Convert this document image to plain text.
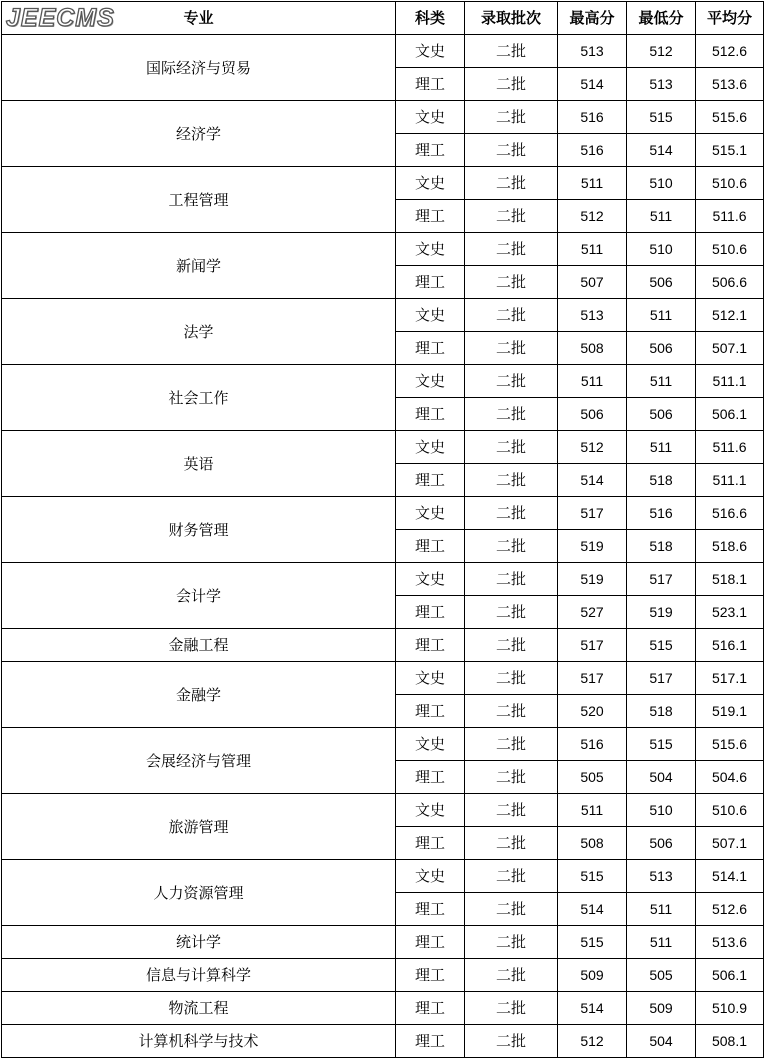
JEECMS 专业	科类	录取批次	最高分	最低分	平均分
国际经济与贸易	文史	二批	513	512	512.6
	理工	二批	514	513	513.6
经济学	文史	二批	516	515	515.6
	理工	二批	516	514	515.1
工程管理	文史	二批	511	510	510.6
	理工	二批	512	511	511.6
新闻学	文史	二批	511	510	510.6
	理工	二批	507	506	506.6
法学	文史	二批	513	511	512.1
	理工	二批	508	506	507.1
社会工作	文史	二批	511	511	511.1
	理工	二批	506	506	506.1
英语	文史	二批	512	511	511.6
	理工	二批	514	518	511.1
财务管理	文史	二批	517	516	516.6
	理工	二批	519	518	518.6
会计学	文史	二批	519	517	518.1
	理工	二批	527	519	523.1
金融工程	理工	二批	517	515	516.1
金融学	文史	二批	517	517	517.1
	理工	二批	520	518	519.1
会展经济与管理	文史	二批	516	515	515.6
	理工	二批	505	504	504.6
旅游管理	文史	二批	511	510	510.6
	理工	二批	508	506	507.1
人力资源管理	文史	二批	515	513	514.1
	理工	二批	514	511	512.6
统计学	理工	二批	515	511	513.6
信息与计算科学	理工	二批	509	505	506.1
物流工程	理工	二批	514	509	510.9
计算机科学与技术	理工	二批	512	504	508.1
